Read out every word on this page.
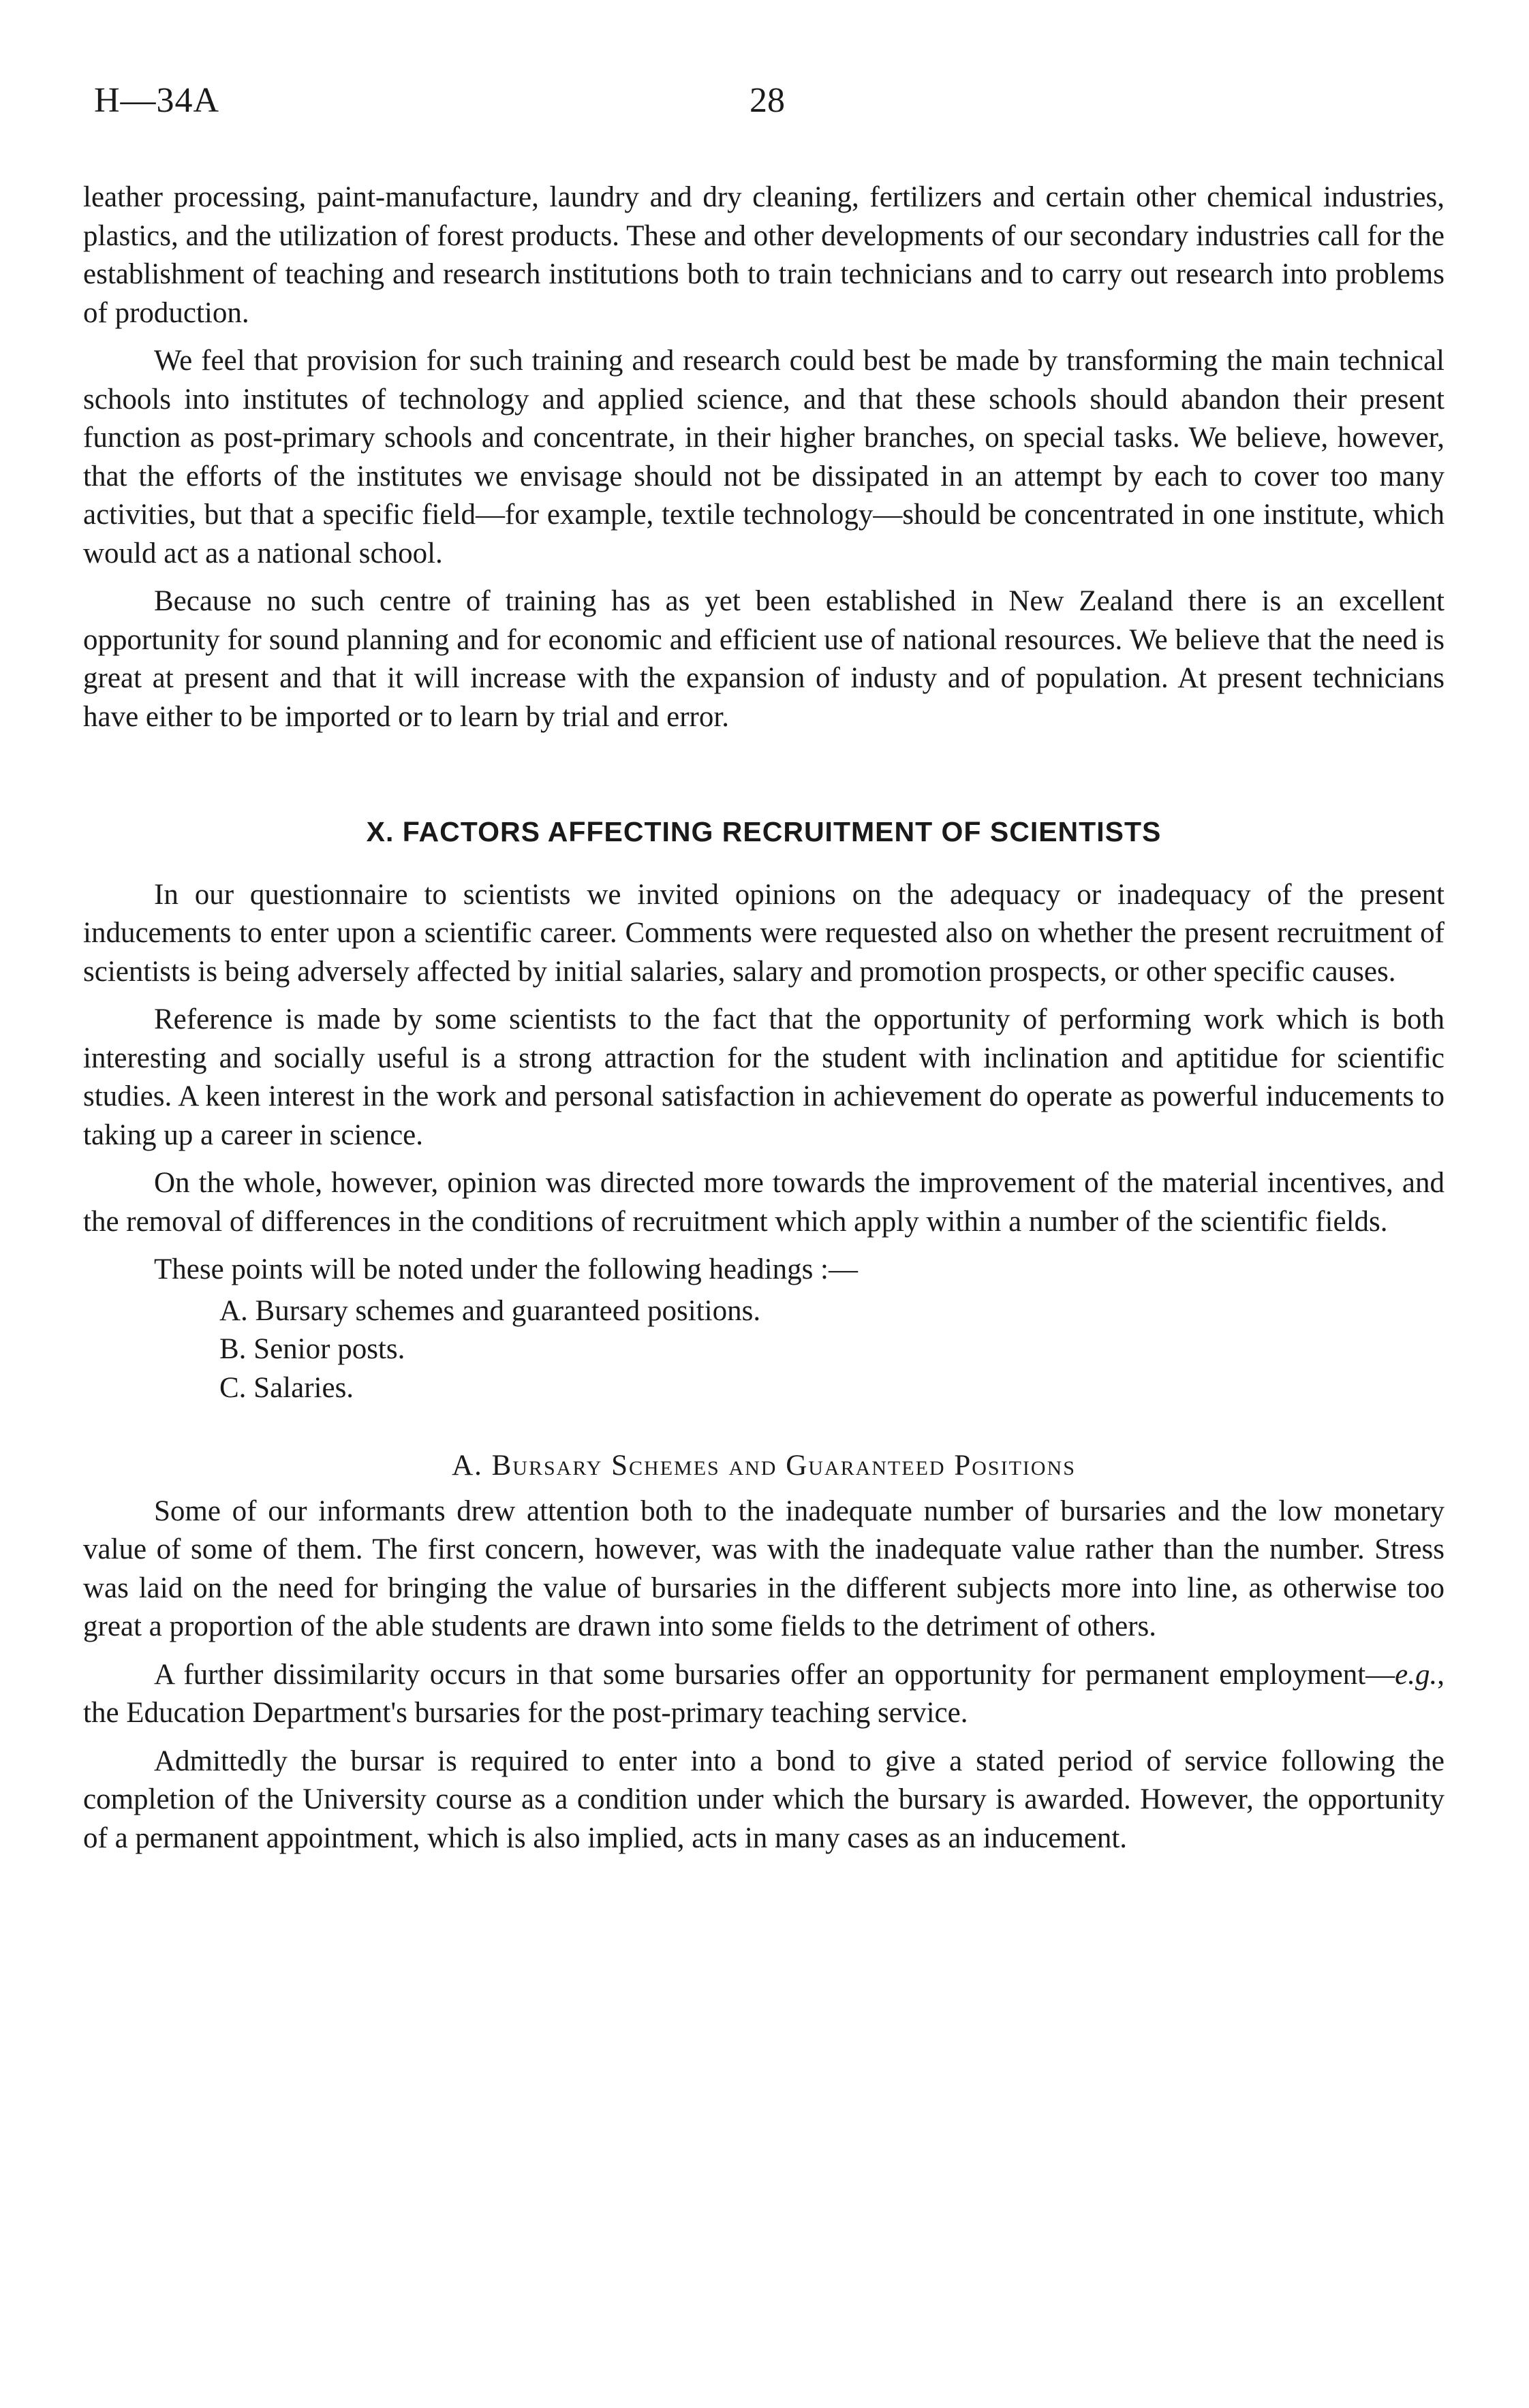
H—34A	28

leather processing, paint-manufacture, laundry and dry cleaning, fertilizers and certain other chemical industries, plastics, and the utilization of forest products. These and other developments of our secondary industries call for the establishment of teaching and research institutions both to train technicians and to carry out research into problems of production.

We feel that provision for such training and research could best be made by transforming the main technical schools into institutes of technology and applied science, and that these schools should abandon their present function as post-primary schools and concentrate, in their higher branches, on special tasks. We believe, however, that the efforts of the institutes we envisage should not be dissipated in an attempt by each to cover too many activities, but that a specific field—for example, textile technology—should be concentrated in one institute, which would act as a national school.

Because no such centre of training has as yet been established in New Zealand there is an excellent opportunity for sound planning and for economic and efficient use of national resources. We believe that the need is great at present and that it will increase with the expansion of industy and of population. At present technicians have either to be imported or to learn by trial and error.

X. FACTORS AFFECTING RECRUITMENT OF SCIENTISTS

In our questionnaire to scientists we invited opinions on the adequacy or inadequacy of the present inducements to enter upon a scientific career. Comments were requested also on whether the present recruitment of scientists is being adversely affected by initial salaries, salary and promotion prospects, or other specific causes.

Reference is made by some scientists to the fact that the opportunity of performing work which is both interesting and socially useful is a strong attraction for the student with inclination and aptitidue for scientific studies. A keen interest in the work and personal satisfaction in achievement do operate as powerful inducements to taking up a career in science.

On the whole, however, opinion was directed more towards the improvement of the material incentives, and the removal of differences in the conditions of recruitment which apply within a number of the scientific fields.

These points will be noted under the following headings :—

A. Bursary schemes and guaranteed positions.
B. Senior posts.
C. Salaries.
A. Bursary Schemes and Guaranteed Positions

Some of our informants drew attention both to the inadequate number of bursaries and the low monetary value of some of them. The first concern, however, was with the inadequate value rather than the number. Stress was laid on the need for bringing the value of bursaries in the different subjects more into line, as otherwise too great a proportion of the able students are drawn into some fields to the detriment of others.

A further dissimilarity occurs in that some bursaries offer an opportunity for permanent employment—e.g., the Education Department's bursaries for the post-primary teaching service.

Admittedly the bursar is required to enter into a bond to give a stated period of service following the completion of the University course as a condition under which the bursary is awarded. However, the opportunity of a permanent appointment, which is also implied, acts in many cases as an inducement.
